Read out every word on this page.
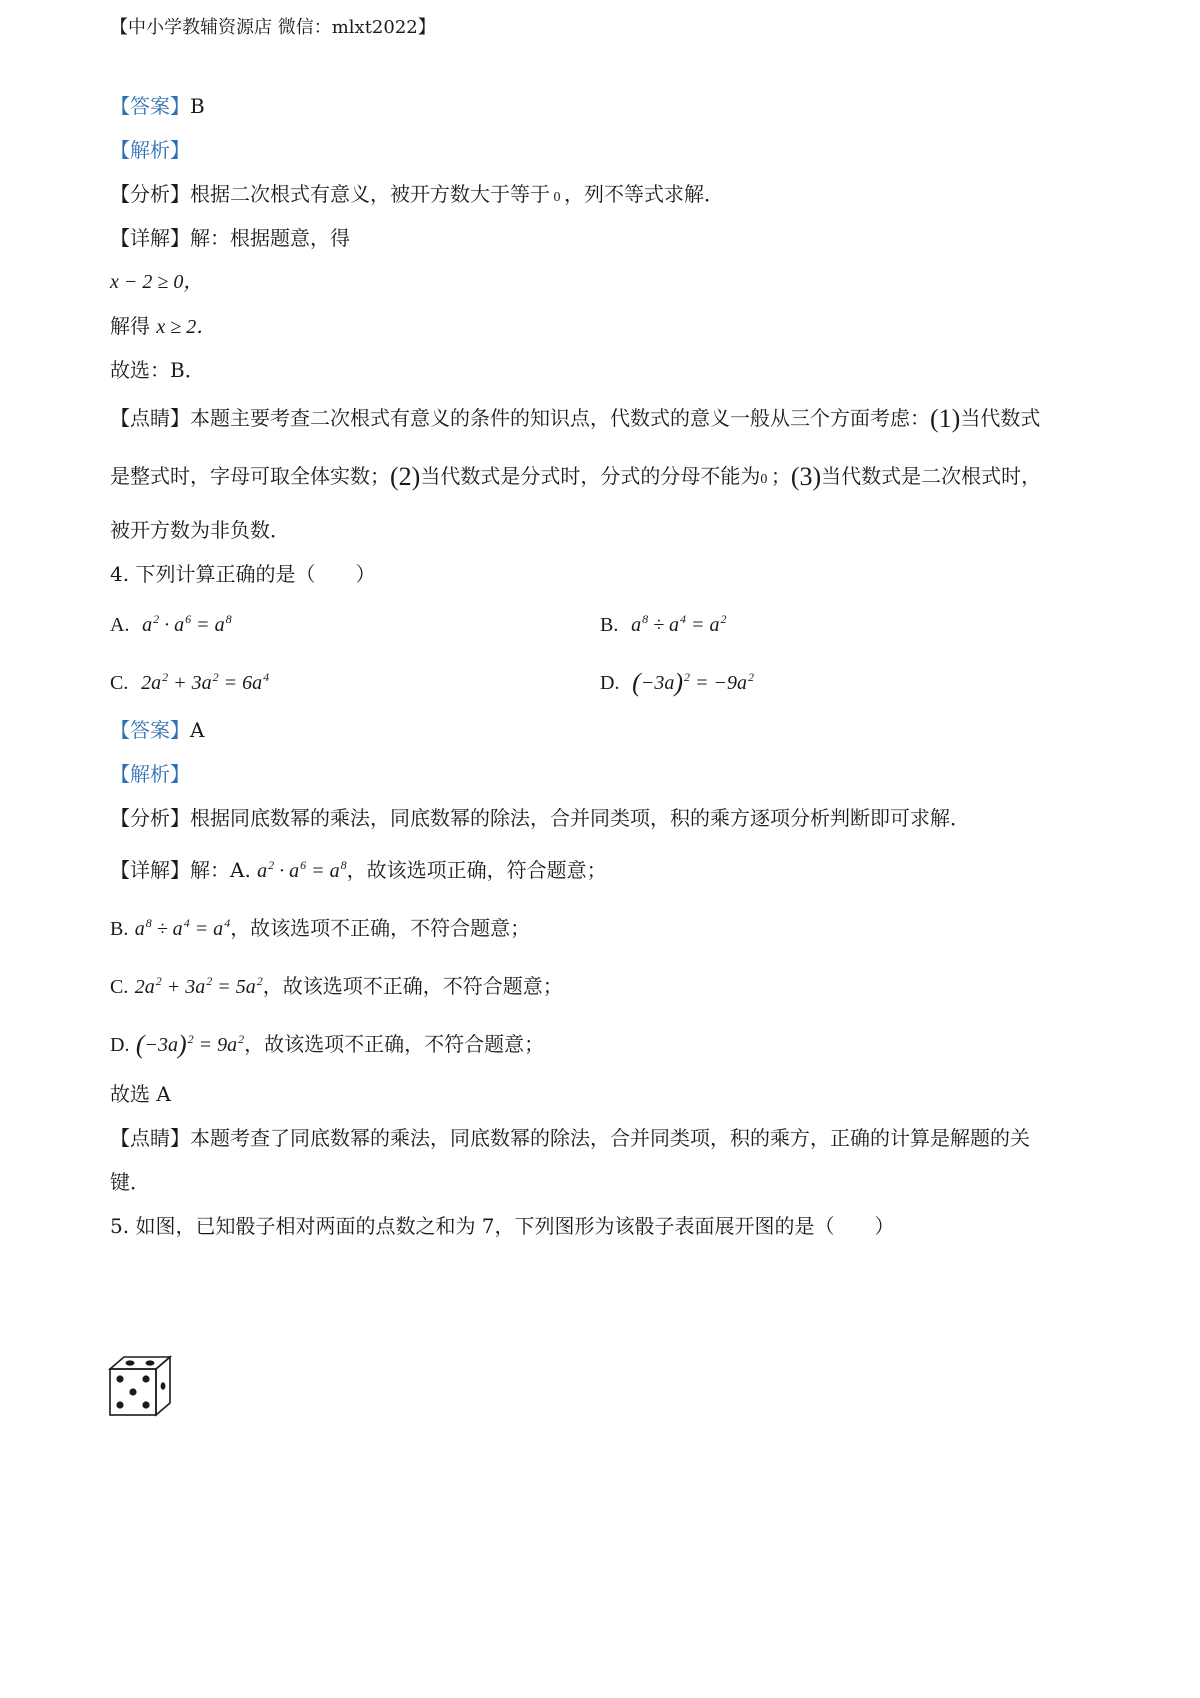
【中小学教辅资源店 微信：mlxt2022】
【答案】B
【解析】
【分析】根据二次根式有意义，被开方数大于等于 0 ，列不等式求解．
【详解】解：根据题意，得
x − 2 ≥ 0，
解得 x ≥ 2．
故选：B．
【点睛】本题主要考查二次根式有意义的条件的知识点，代数式的意义一般从三个方面考虑：(1)当代数式
是整式时，字母可取全体实数；(2)当代数式是分式时，分式的分母不能为0 ；(3)当代数式是二次根式时，
被开方数为非负数．
4. 下列计算正确的是（　　）
A. $a^2 \cdot a^6 = a^8$	B. $a^8 \div a^4 = a^2$
C. $2a^2 + 3a^2 = 6a^4$	D. $(-3a)^2 = -9a^2$
【答案】A
【解析】
【分析】根据同底数幂的乘法，同底数幂的除法，合并同类项，积的乘方逐项分析判断即可求解．
【详解】解：A. $a^2 \cdot a^6 = a^8$，故该选项正确，符合题意；
B. $a^8 \div a^4 = a^4$，故该选项不正确，不符合题意；
C. $2a^2 + 3a^2 = 5a^2$，故该选项不正确，不符合题意；
D. $(-3a)^2 = 9a^2$，故该选项不正确，不符合题意；
故选 A
【点睛】本题考查了同底数幂的乘法，同底数幂的除法，合并同类项，积的乘方，正确的计算是解题的关
键．
5. 如图，已知骰子相对两面的点数之和为 7，下列图形为该骰子表面展开图的是（　　）
